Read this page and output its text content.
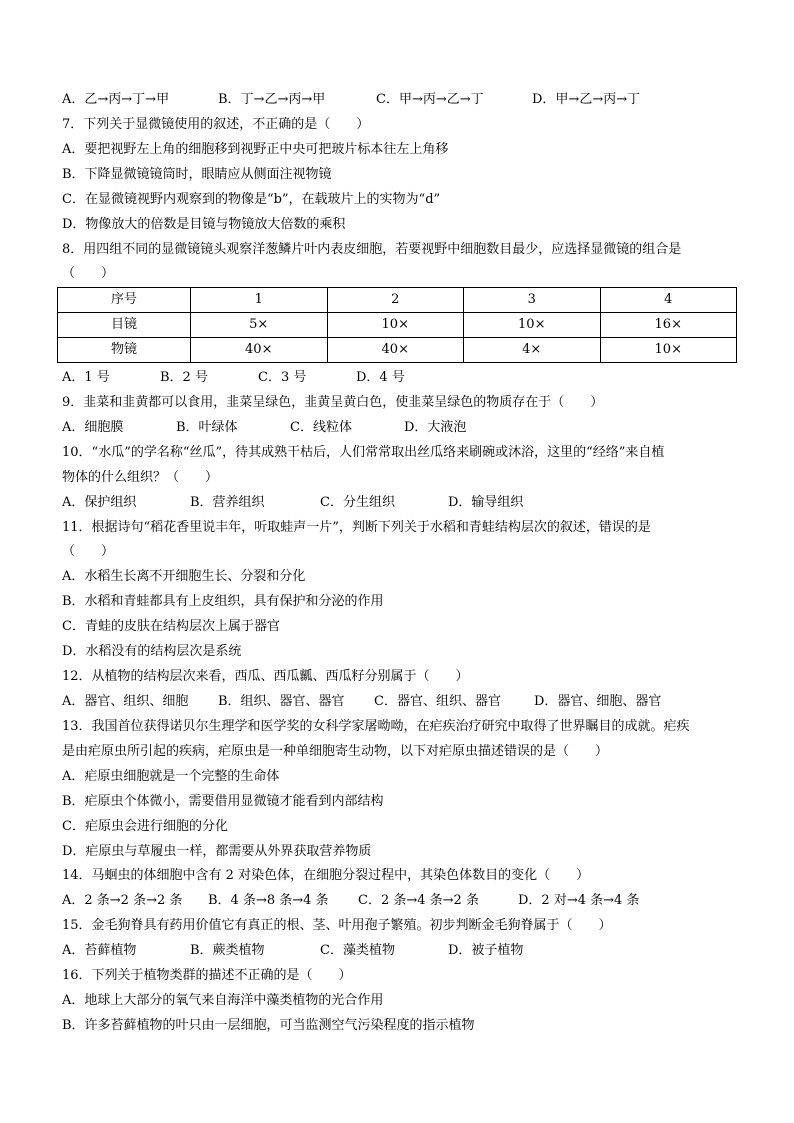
A．乙→丙→丁→甲	B．丁→乙→丙→甲	C．甲→丙→乙→丁	D．甲→乙→丙→丁
7．下列关于显微镜使用的叙述，不正确的是（　　）
A．要把视野左上角的细胞移到视野正中央可把玻片标本往左上角移
B．下降显微镜镜筒时，眼睛应从侧面注视物镜
C．在显微镜视野内观察到的物像是“b”，在载玻片上的实物为“d”
D．物像放大的倍数是目镜与物镜放大倍数的乘积
8．用四组不同的显微镜镜头观察洋葱鳞片叶内表皮细胞，若要视野中细胞数目最少，应选择显微镜的组合是
（　　）
序号	1	2	3	4
目镜	5×	10×	10×	16×
物镜	40×	40×	4×	10×
A．1 号	B．2 号	C．3 号	D．4 号
9．韭菜和韭黄都可以食用，韭菜呈绿色，韭黄呈黄白色，使韭菜呈绿色的物质存在于（　　）
A．细胞膜	B．叶绿体	C．线粒体	D．大液泡
10．“水瓜”的学名称“丝瓜”，待其成熟干枯后，人们常常取出丝瓜络来刷碗或沐浴，这里的“经络”来自植
物体的什么组织？（　　）
A．保护组织	B．营养组织	C．分生组织	D．输导组织
11．根据诗句“稻花香里说丰年，听取蛙声一片”，判断下列关于水稻和青蛙结构层次的叙述，错误的是
（　　）
A．水稻生长离不开细胞生长、分裂和分化
B．水稻和青蛙都具有上皮组织，具有保护和分泌的作用
C．青蛙的皮肤在结构层次上属于器官
D．水稻没有的结构层次是系统
12．从植物的结构层次来看，西瓜、西瓜瓤、西瓜籽分别属于（　　）
A．器官、组织、细胞 B．组织、器官、器官 C．器官、组织、器官	D．器官、细胞、器官
13．我国首位获得诺贝尔生理学和医学奖的女科学家屠呦呦，在疟疾治疗研究中取得了世界瞩目的成就。疟疾
是由疟原虫所引起的疾病，疟原虫是一种单细胞寄生动物，以下对疟原虫描述错误的是（　　）
A．疟原虫细胞就是一个完整的生命体
B．疟原虫个体微小，需要借用显微镜才能看到内部结构
C．疟原虫会进行细胞的分化
D．疟原虫与草履虫一样，都需要从外界获取营养物质
14．马蛔虫的体细胞中含有 2 对染色体，在细胞分裂过程中，其染色体数目的变化（　　）
A．2 条→2 条→2 条 B．4 条→8 条→4 条 C．2 条→4 条→2 条	D．2 对→4 条→4 条
15．金毛狗脊具有药用价值它有真正的根、茎、叶用孢子繁殖。初步判断金毛狗脊属于（　　）
A．苔藓植物	B．蕨类植物	C．藻类植物	D．被子植物
16．下列关于植物类群的描述不正确的是（　　）
A．地球上大部分的氧气来自海洋中藻类植物的光合作用
B．许多苔藓植物的叶只由一层细胞，可当监测空气污染程度的指示植物
